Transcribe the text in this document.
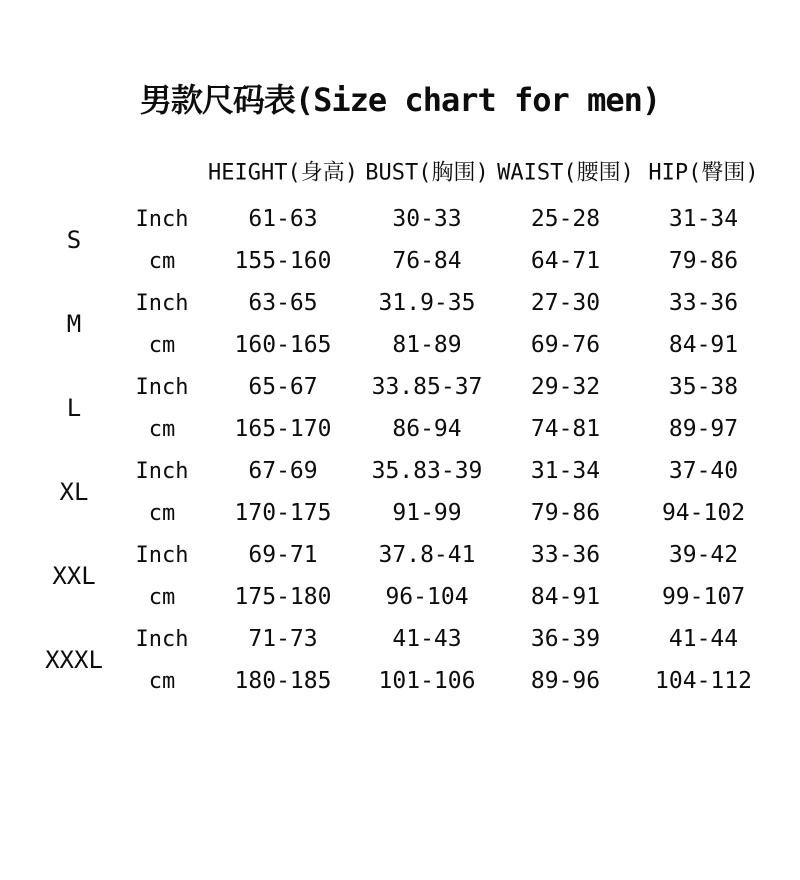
男款尺码表(Size chart for men)

		HEIGHT(身高)	BUST(胸围)	WAIST(腰围)	HIP(臀围)

S	Inch	61-63	30-33	25-28	31-34
	cm	155-160	76-84	64-71	79-86
M	Inch	63-65	31.9-35	27-30	33-36
	cm	160-165	81-89	69-76	84-91
L	Inch	65-67	33.85-37	29-32	35-38
	cm	165-170	86-94	74-81	89-97
XL	Inch	67-69	35.83-39	31-34	37-40
	cm	170-175	91-99	79-86	94-102
XXL	Inch	69-71	37.8-41	33-36	39-42
	cm	175-180	96-104	84-91	99-107
XXXL	Inch	71-73	41-43	36-39	41-44
	cm	180-185	101-106	89-96	104-112
